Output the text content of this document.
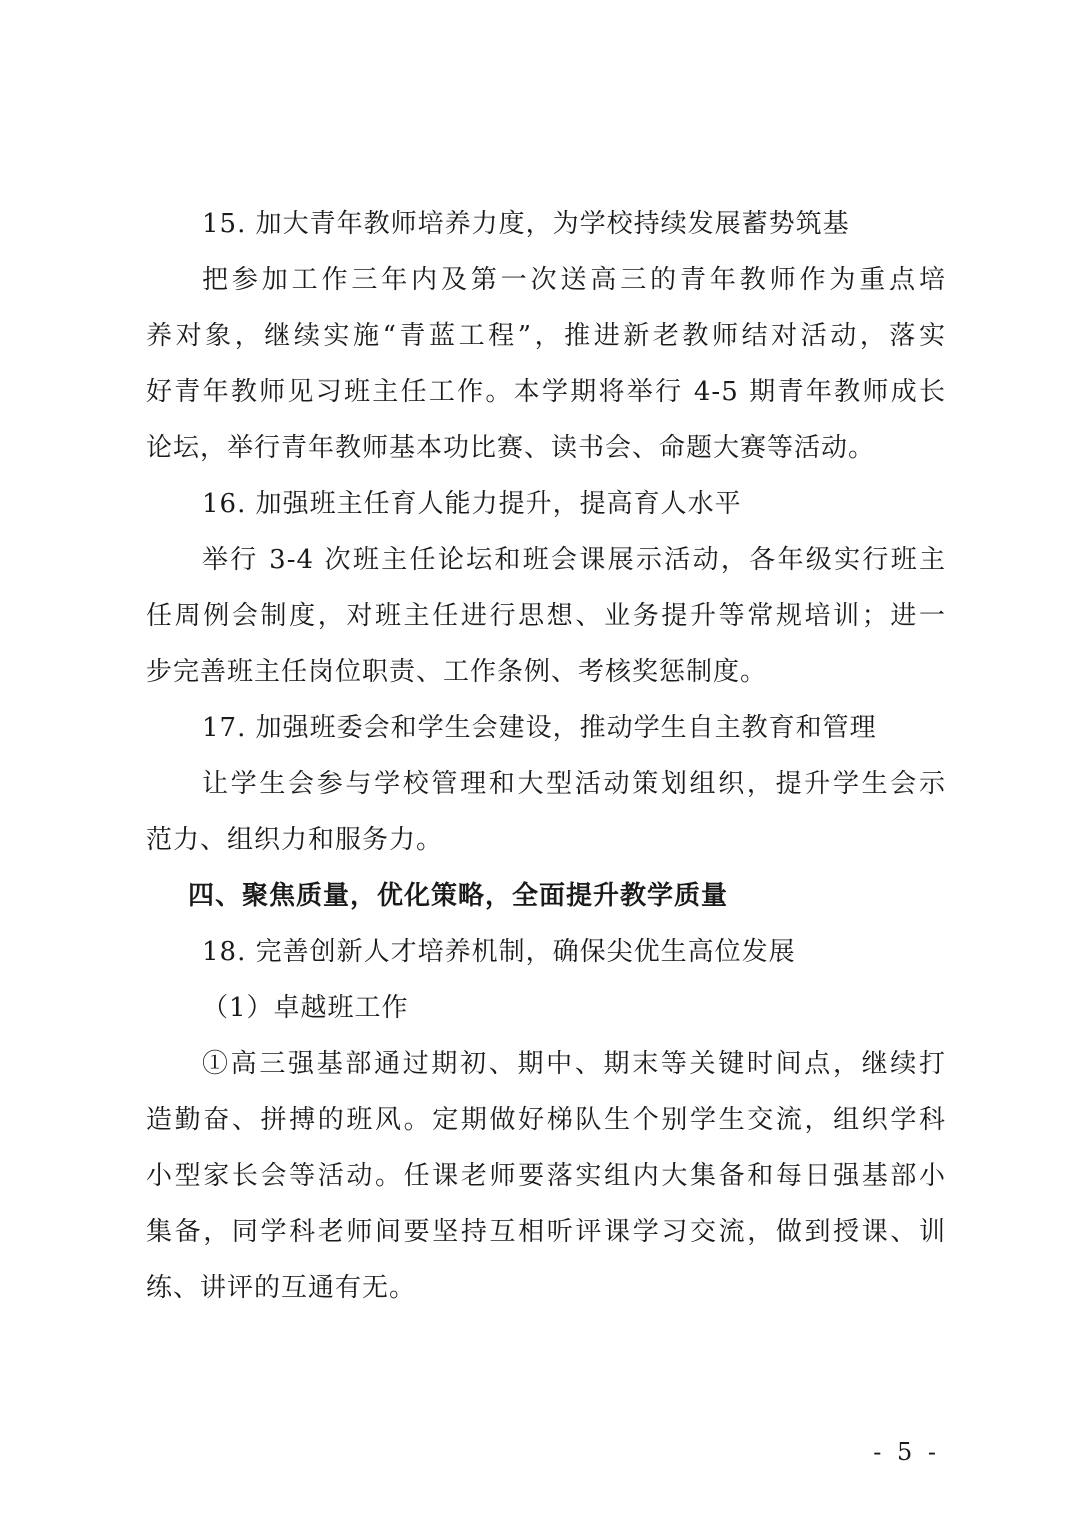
15. 加大青年教师培养力度，为学校持续发展蓄势筑基
把参加工作三年内及第一次送高三的青年教师作为重点培
养对象，继续实施“青蓝工程”，推进新老教师结对活动，落实
好青年教师见习班主任工作。本学期将举行 4-5 期青年教师成长
论坛，举行青年教师基本功比赛、读书会、命题大赛等活动。
16. 加强班主任育人能力提升，提高育人水平
举行 3-4 次班主任论坛和班会课展示活动，各年级实行班主
任周例会制度，对班主任进行思想、业务提升等常规培训；进一
步完善班主任岗位职责、工作条例、考核奖惩制度。
17. 加强班委会和学生会建设，推动学生自主教育和管理
让学生会参与学校管理和大型活动策划组织，提升学生会示
范力、组织力和服务力。
四、聚焦质量，优化策略，全面提升教学质量
18. 完善创新人才培养机制，确保尖优生高位发展
（1）卓越班工作
①高三强基部通过期初、期中、期末等关键时间点，继续打
造勤奋、拼搏的班风。定期做好梯队生个别学生交流，组织学科
小型家长会等活动。任课老师要落实组内大集备和每日强基部小
集备，同学科老师间要坚持互相听评课学习交流，做到授课、训
练、讲评的互通有无。
- 5 -
